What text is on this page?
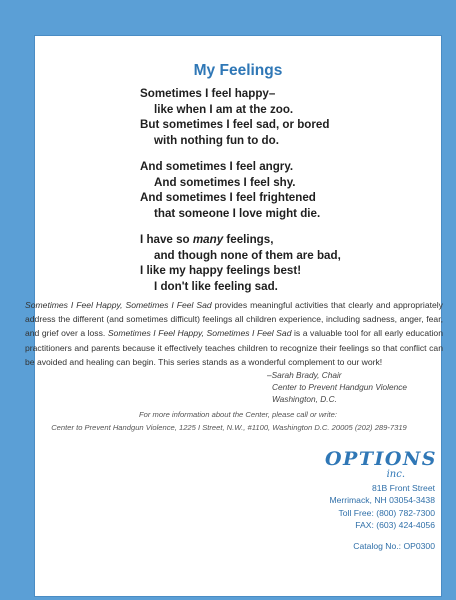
My Feelings
Sometimes I feel happy–
like when I am at the zoo.
But sometimes I feel sad, or bored
with nothing fun to do.
And sometimes I feel angry.
And sometimes I feel shy.
And sometimes I feel frightened
that someone I love might die.
I have so many feelings,
and though none of them are bad,
I like my happy feelings best!
I don't like feeling sad.

Sometimes I Feel Happy, Sometimes I Feel Sad provides meaningful activities that clearly and appropriately address the different (and sometimes difficult) feelings all children experience, including sadness, anger, fear, and grief over a loss. Sometimes I Feel Happy, Sometimes I Feel Sad is a valuable tool for all early education practitioners and parents because it effectively teaches children to recognize their feelings so that conflict can be avoided and healing can begin. This series stands as a wonderful complement to our work!

–Sarah Brady, Chair
Center to Prevent Handgun Violence
Washington, D.C.
For more information about the Center, please call or write:
Center to Prevent Handgun Violence, 1225 I Street, N.W., #1100, Washington D.C. 20005 (202) 289-7319
OPTIONS
inc.
81B Front Street
Merrimack, NH 03054-3438
Toll Free: (800) 782-7300
FAX: (603) 424-4056
Catalog No.: OP0300
